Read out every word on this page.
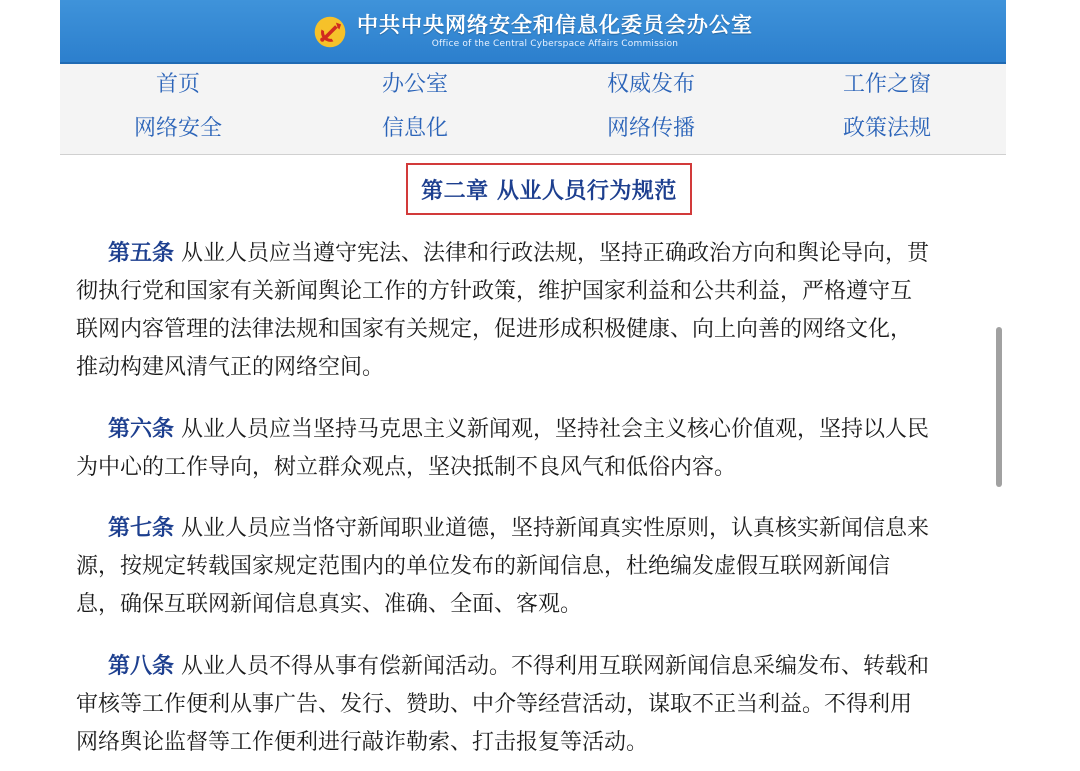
中共中央网络安全和信息化委员会办公室
Office of the Central Cyberspace Affairs Commission
首页	办公室	权威发布	工作之窗
网络安全	信息化	网络传播	政策法规
第二章 从业人员行为规范
第五条 从业人员应当遵守宪法、法律和行政法规，坚持正确政治方向和舆论导向，贯
彻执行党和国家有关新闻舆论工作的方针政策，维护国家利益和公共利益，严格遵守互
联网内容管理的法律法规和国家有关规定，促进形成积极健康、向上向善的网络文化，
推动构建风清气正的网络空间。
第六条 从业人员应当坚持马克思主义新闻观，坚持社会主义核心价值观，坚持以人民
为中心的工作导向，树立群众观点，坚决抵制不良风气和低俗内容。
第七条 从业人员应当恪守新闻职业道德，坚持新闻真实性原则，认真核实新闻信息来
源，按规定转载国家规定范围内的单位发布的新闻信息，杜绝编发虚假互联网新闻信
息，确保互联网新闻信息真实、准确、全面、客观。
第八条 从业人员不得从事有偿新闻活动。不得利用互联网新闻信息采编发布、转载和
审核等工作便利从事广告、发行、赞助、中介等经营活动，谋取不正当利益。不得利用
网络舆论监督等工作便利进行敲诈勒索、打击报复等活动。
